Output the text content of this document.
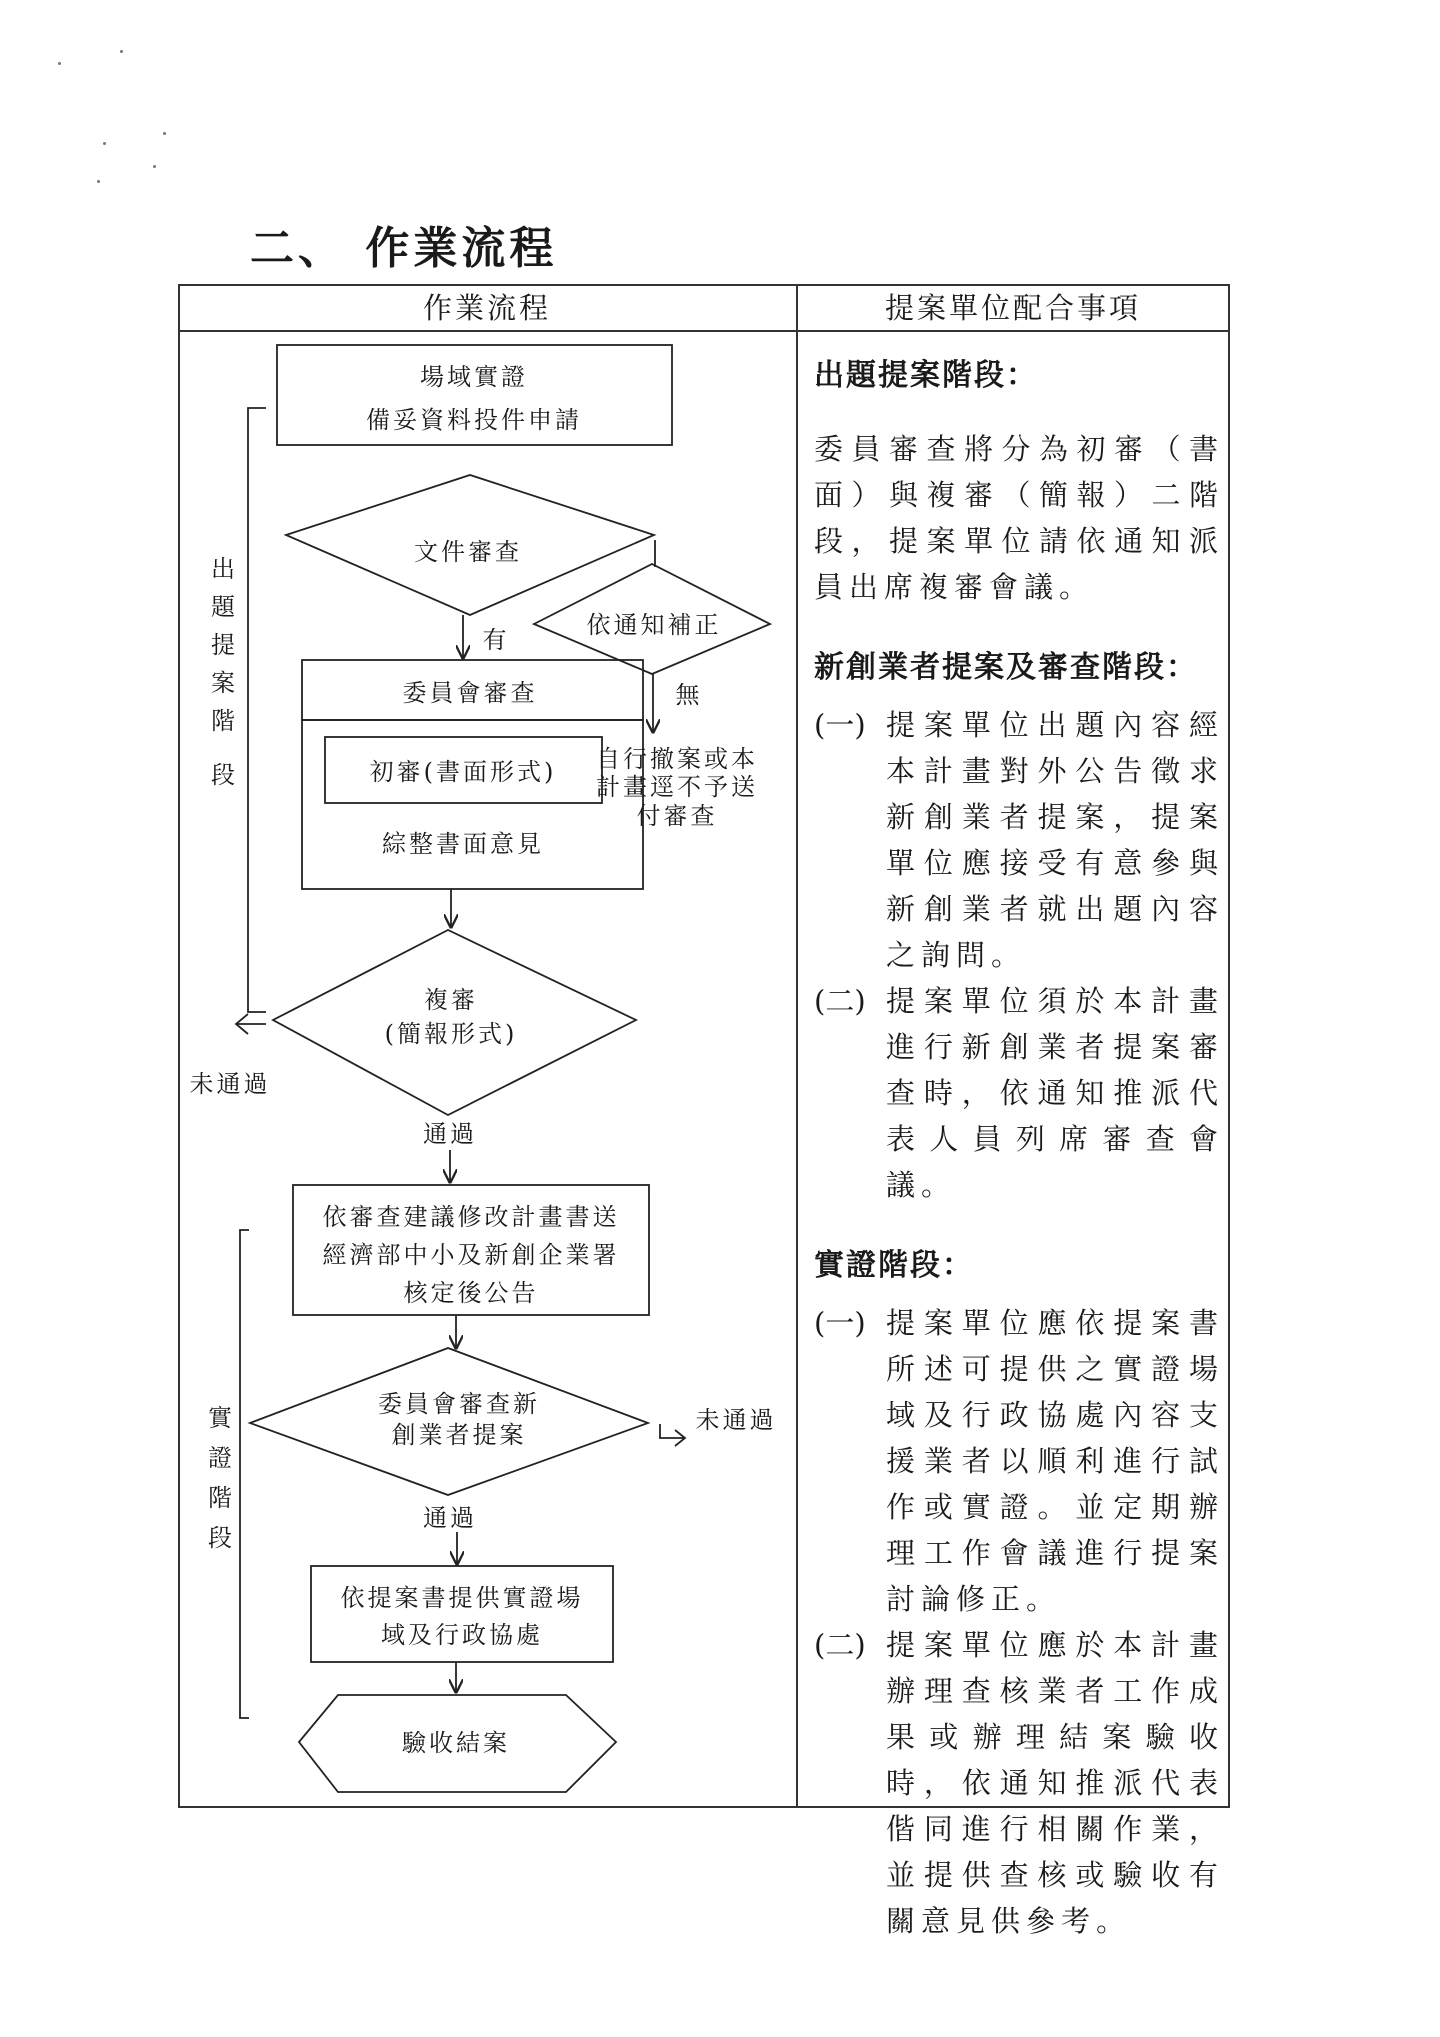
二、 作業流程
作業流程	提案單位配合事項
場域實證
備妥資料投件申請
文件審查
依通知補正
有
無
自行撤案或本
計畫逕不予送
付審查
委員會審查
初審(書面形式)
綜整書面意見
複審
(簡報形式)
未通過
通過
依審查建議修改計畫書送
經濟部中小及新創企業署
核定後公告
委員會審查新
創業者提案
未通過
通過
依提案書提供實證場
域及行政協處
驗收結案
出
題
提
案
階
段
實
證
階
段

出題提案階段：

委員審查將分為初審（書面）與複審（簡報）二階段，提案單位請依通知派員出席複審會議。

新創業者提案及審查階段：

(一) 提案單位出題內容經本計畫對外公告徵求新創業者提案，提案單位應接受有意參與新創業者就出題內容之詢問。

(二) 提案單位須於本計畫進行新創業者提案審查時，依通知推派代表人員列席審查會議。

實證階段：

(一) 提案單位應依提案書所述可提供之實證場域及行政協處內容支援業者以順利進行試作或實證。並定期辦理工作會議進行提案討論修正。

(二) 提案單位應於本計畫辦理查核業者工作成果或辦理結案驗收時，依通知推派代表偕同進行相關作業，並提供查核或驗收有關意見供參考。
